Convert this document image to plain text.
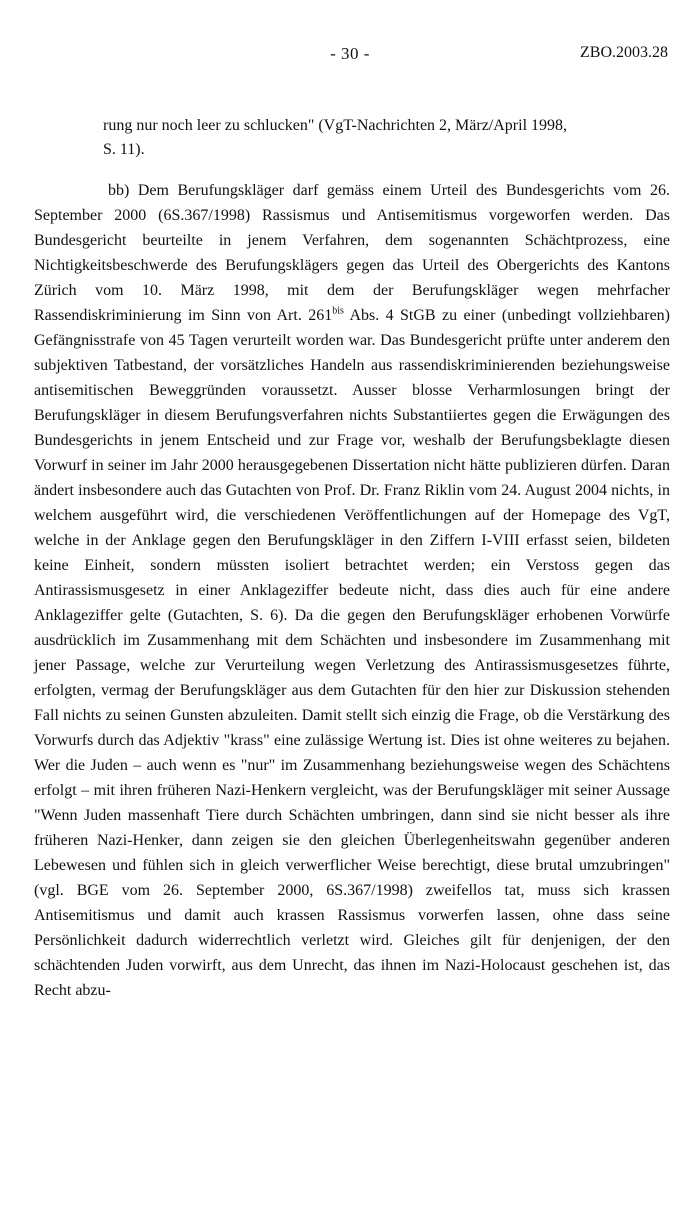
- 30 -	ZBO.2003.28
rung nur noch leer zu schlucken" (VgT-Nachrichten 2, März/April 1998,
S. 11).

bb) Dem Berufungskläger darf gemäss einem Urteil des Bundesgerichts vom 26. September 2000 (6S.367/1998) Rassismus und Antisemitismus vorgeworfen werden. Das Bundesgericht beurteilte in jenem Verfahren, dem sogenannten Schächtprozess, eine Nichtigkeitsbeschwerde des Berufungsklägers gegen das Urteil des Obergerichts des Kantons Zürich vom 10. März 1998, mit dem der Berufungskläger wegen mehrfacher Rassendiskriminierung im Sinn von Art. $261^{bis}$ Abs. 4 StGB zu einer (unbedingt vollziehbaren) Gefängnisstrafe von 45 Tagen verurteilt worden war. Das Bundesgericht prüfte unter anderem den subjektiven Tatbestand, der vorsätzliches Handeln aus rassendiskriminierenden beziehungsweise antisemitischen Beweggründen voraussetzt. Ausser blosse Verharmlosungen bringt der Berufungskläger in diesem Berufungsverfahren nichts Substantiiertes gegen die Erwägungen des Bundesgerichts in jenem Entscheid und zur Frage vor, weshalb der Berufungsbeklagte diesen Vorwurf in seiner im Jahr 2000 herausgegebenen Dissertation nicht hätte publizieren dürfen. Daran ändert insbesondere auch das Gutachten von Prof. Dr. Franz Riklin vom 24. August 2004 nichts, in welchem ausgeführt wird, die verschiedenen Veröffentlichungen auf der Homepage des VgT, welche in der Anklage gegen den Berufungskläger in den Ziffern I-VIII erfasst seien, bildeten keine Einheit, sondern müssten isoliert betrachtet werden; ein Verstoss gegen das Antirassismusgesetz in einer Anklageziffer bedeute nicht, dass dies auch für eine andere Anklageziffer gelte (Gutachten, S. 6). Da die gegen den Berufungskläger erhobenen Vorwürfe ausdrücklich im Zusammenhang mit dem Schächten und insbesondere im Zusammenhang mit jener Passage, welche zur Verurteilung wegen Verletzung des Antirassismusgesetzes führte, erfolgten, vermag der Berufungskläger aus dem Gutachten für den hier zur Diskussion stehenden Fall nichts zu seinen Gunsten abzuleiten. Damit stellt sich einzig die Frage, ob die Verstärkung des Vorwurfs durch das Adjektiv "krass" eine zulässige Wertung ist. Dies ist ohne weiteres zu bejahen. Wer die Juden – auch wenn es "nur" im Zusammenhang beziehungsweise wegen des Schächtens erfolgt – mit ihren früheren Nazi-Henkern vergleicht, was der Berufungskläger mit seiner Aussage "Wenn Juden massenhaft Tiere durch Schächten umbringen, dann sind sie nicht besser als ihre früheren Nazi-Henker, dann zeigen sie den gleichen Überlegenheitswahn gegenüber anderen Lebewesen und fühlen sich in gleich verwerflicher Weise berechtigt, diese brutal umzubringen" (vgl. BGE vom 26. September 2000, 6S.367/1998) zweifellos tat, muss sich krassen Antisemitismus und damit auch krassen Rassismus vorwerfen lassen, ohne dass seine Persönlichkeit dadurch widerrechtlich verletzt wird. Gleiches gilt für denjenigen, der den schächtenden Juden vorwirft, aus dem Unrecht, das ihnen im Nazi-Holocaust geschehen ist, das Recht abzu-
